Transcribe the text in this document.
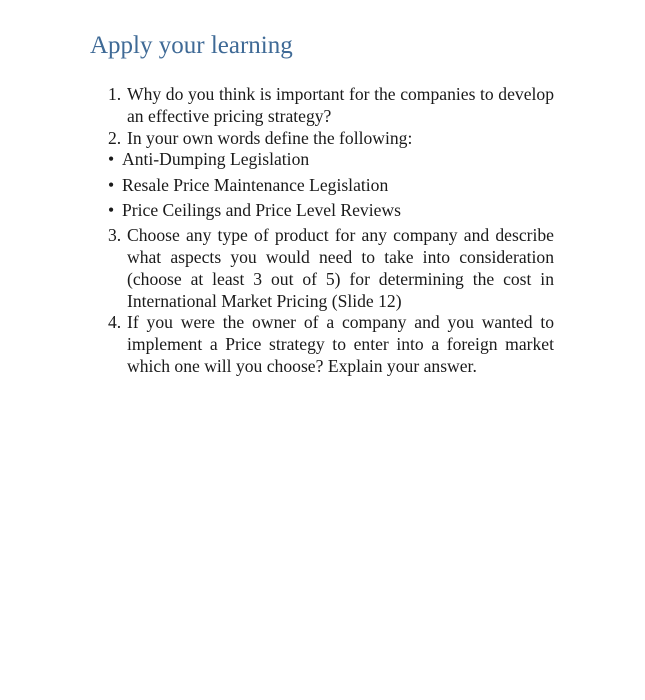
Apply your learning
1. Why do you think is important for the companies to develop an effective pricing strategy?
2. In your own words define the following:
• Anti-Dumping Legislation
• Resale Price Maintenance Legislation
• Price Ceilings and Price Level Reviews
3. Choose any type of product for any company and describe what aspects you would need to take into consideration (choose at least 3 out of 5) for determining the cost in International Market Pricing (Slide 12)
4. If you were the owner of a company and you wanted to implement a Price strategy to enter into a foreign market which one will you choose? Explain your answer.
